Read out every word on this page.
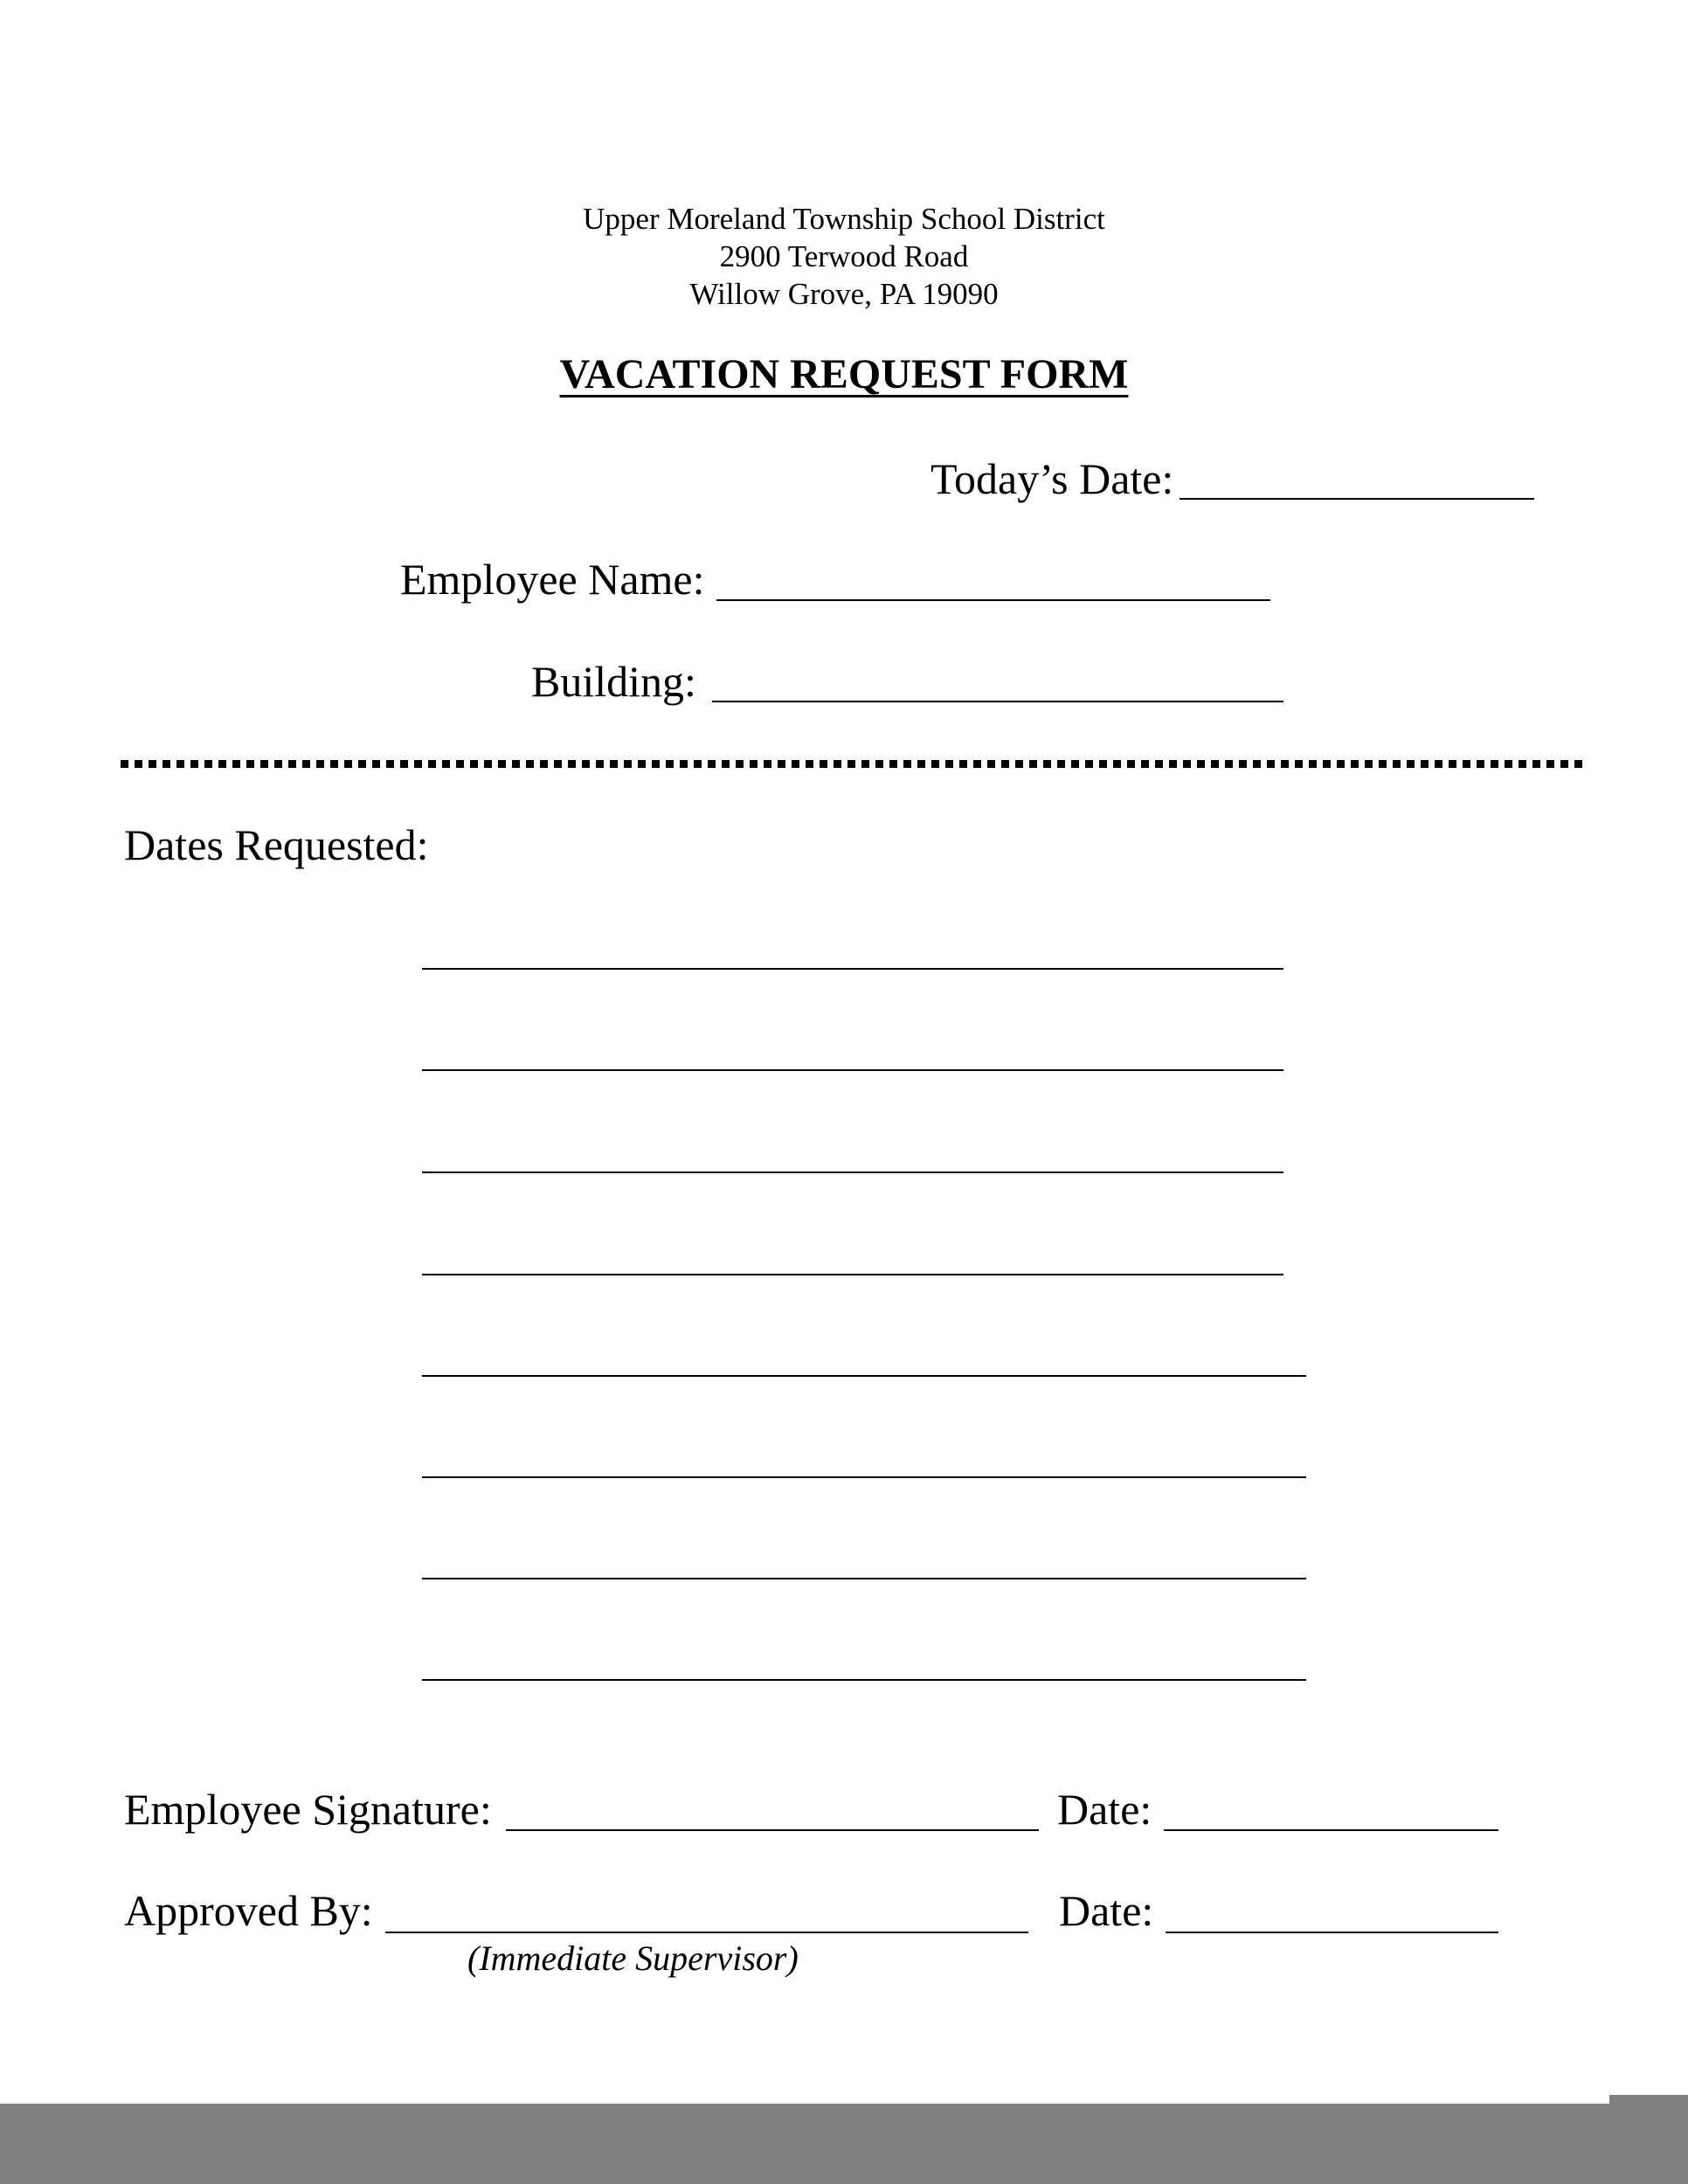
Upper Moreland Township School District
2900 Terwood Road
Willow Grove, PA 19090
VACATION REQUEST FORM
Today’s Date:
Employee Name:
Building:
Dates Requested:
Employee Signature:	Date:
Approved By:	Date:
(Immediate Supervisor)
